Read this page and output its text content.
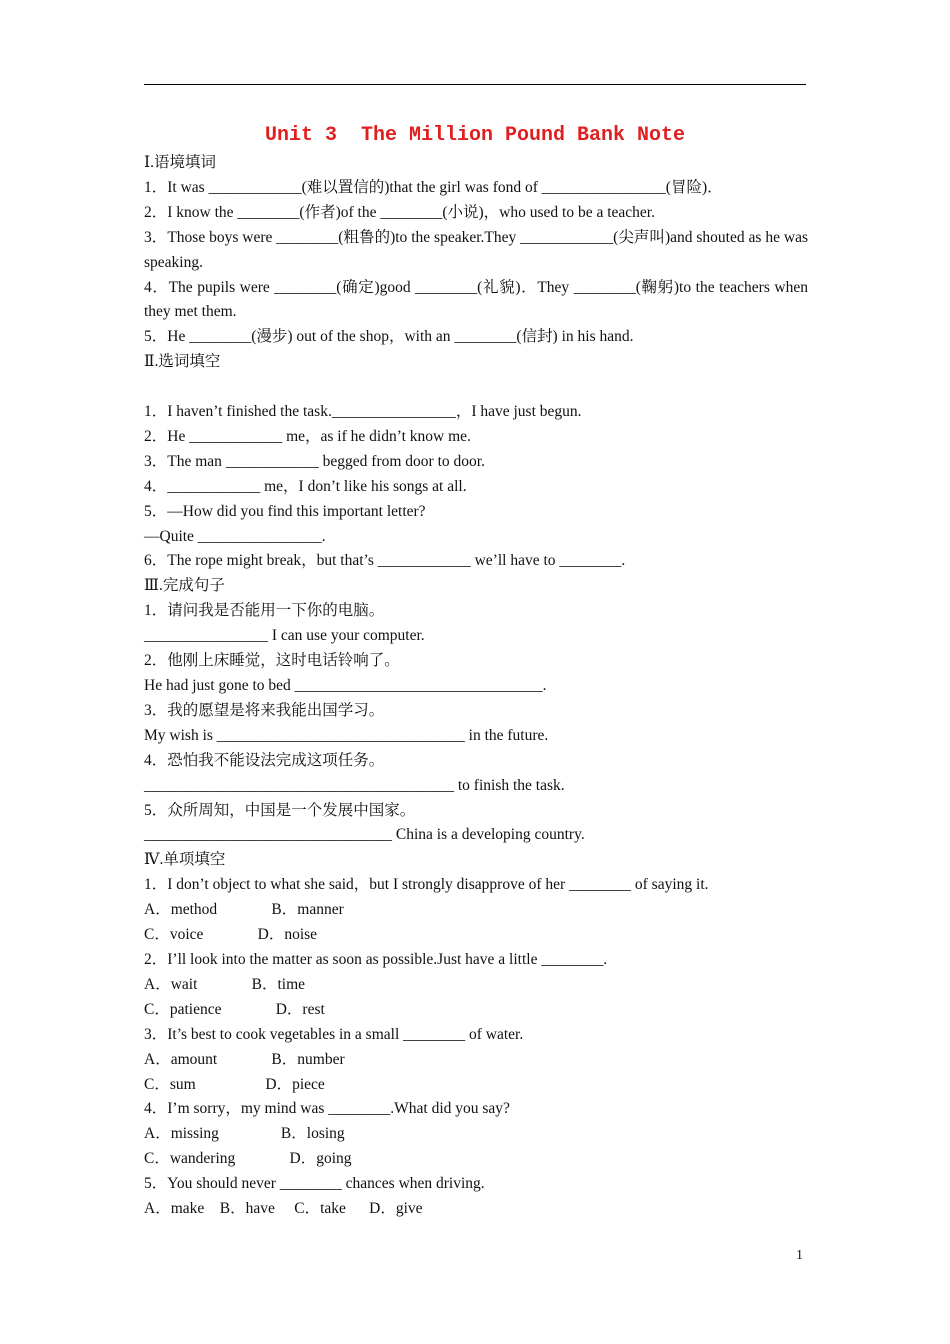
Unit 3  The Million Pound Bank Note
Ⅰ.语境填词
1．It was ____________(难以置信的)that the girl was fond of ________________(冒险)．
2．I know the ________(作者)of the ________(小说)，who used to be a teacher.
3．Those boys were ________(粗鲁的)to the speaker.They ____________(尖声叫)and shouted as he was speaking.
4．The pupils were ________(确定)good ________(礼貌)．They ________(鞠躬)to the teachers when they met them.
5．He ________(漫步) out of the shop，with an ________(信封) in his hand.
Ⅱ.选词填空
1．I haven’t finished the task.________________，I have just begun.
2．He ____________ me，as if he didn’t know me.
3．The man ____________ begged from door to door.
4．____________ me，I don’t like his songs at all.
5．—How did you find this important letter?
—Quite ________________.
6．The rope might break，but that’s ____________ we’ll have to ________.
Ⅲ.完成句子
1．请问我是否能用一下你的电脑。
________________ I can use your computer.
2．他刚上床睡觉，这时电话铃响了。
He had just gone to bed ________________________________.
3．我的愿望是将来我能出国学习。
My wish is ________________________________ in the future.
4．恐怕我不能设法完成这项任务。
________________________________________ to finish the task.
5．众所周知，中国是一个发展中国家。
________________________________ China is a developing country.
Ⅳ.单项填空
1．I don’t object to what she said，but I strongly disapprove of her ________ of saying it.
A．method              B．manner
C．voice              D．noise
2．I’ll look into the matter as soon as possible.Just have a little ________.
A．wait              B．time
C．patience              D．rest
3．It’s best to cook vegetables in a small ________ of water.
A．amount              B．number
C．sum                  D．piece
4．I’m sorry，my mind was ________.What did you say?
A．missing                B．losing
C．wandering              D．going
5．You should never ________ chances when driving.
A．make    B．have     C．take      D．give
1
